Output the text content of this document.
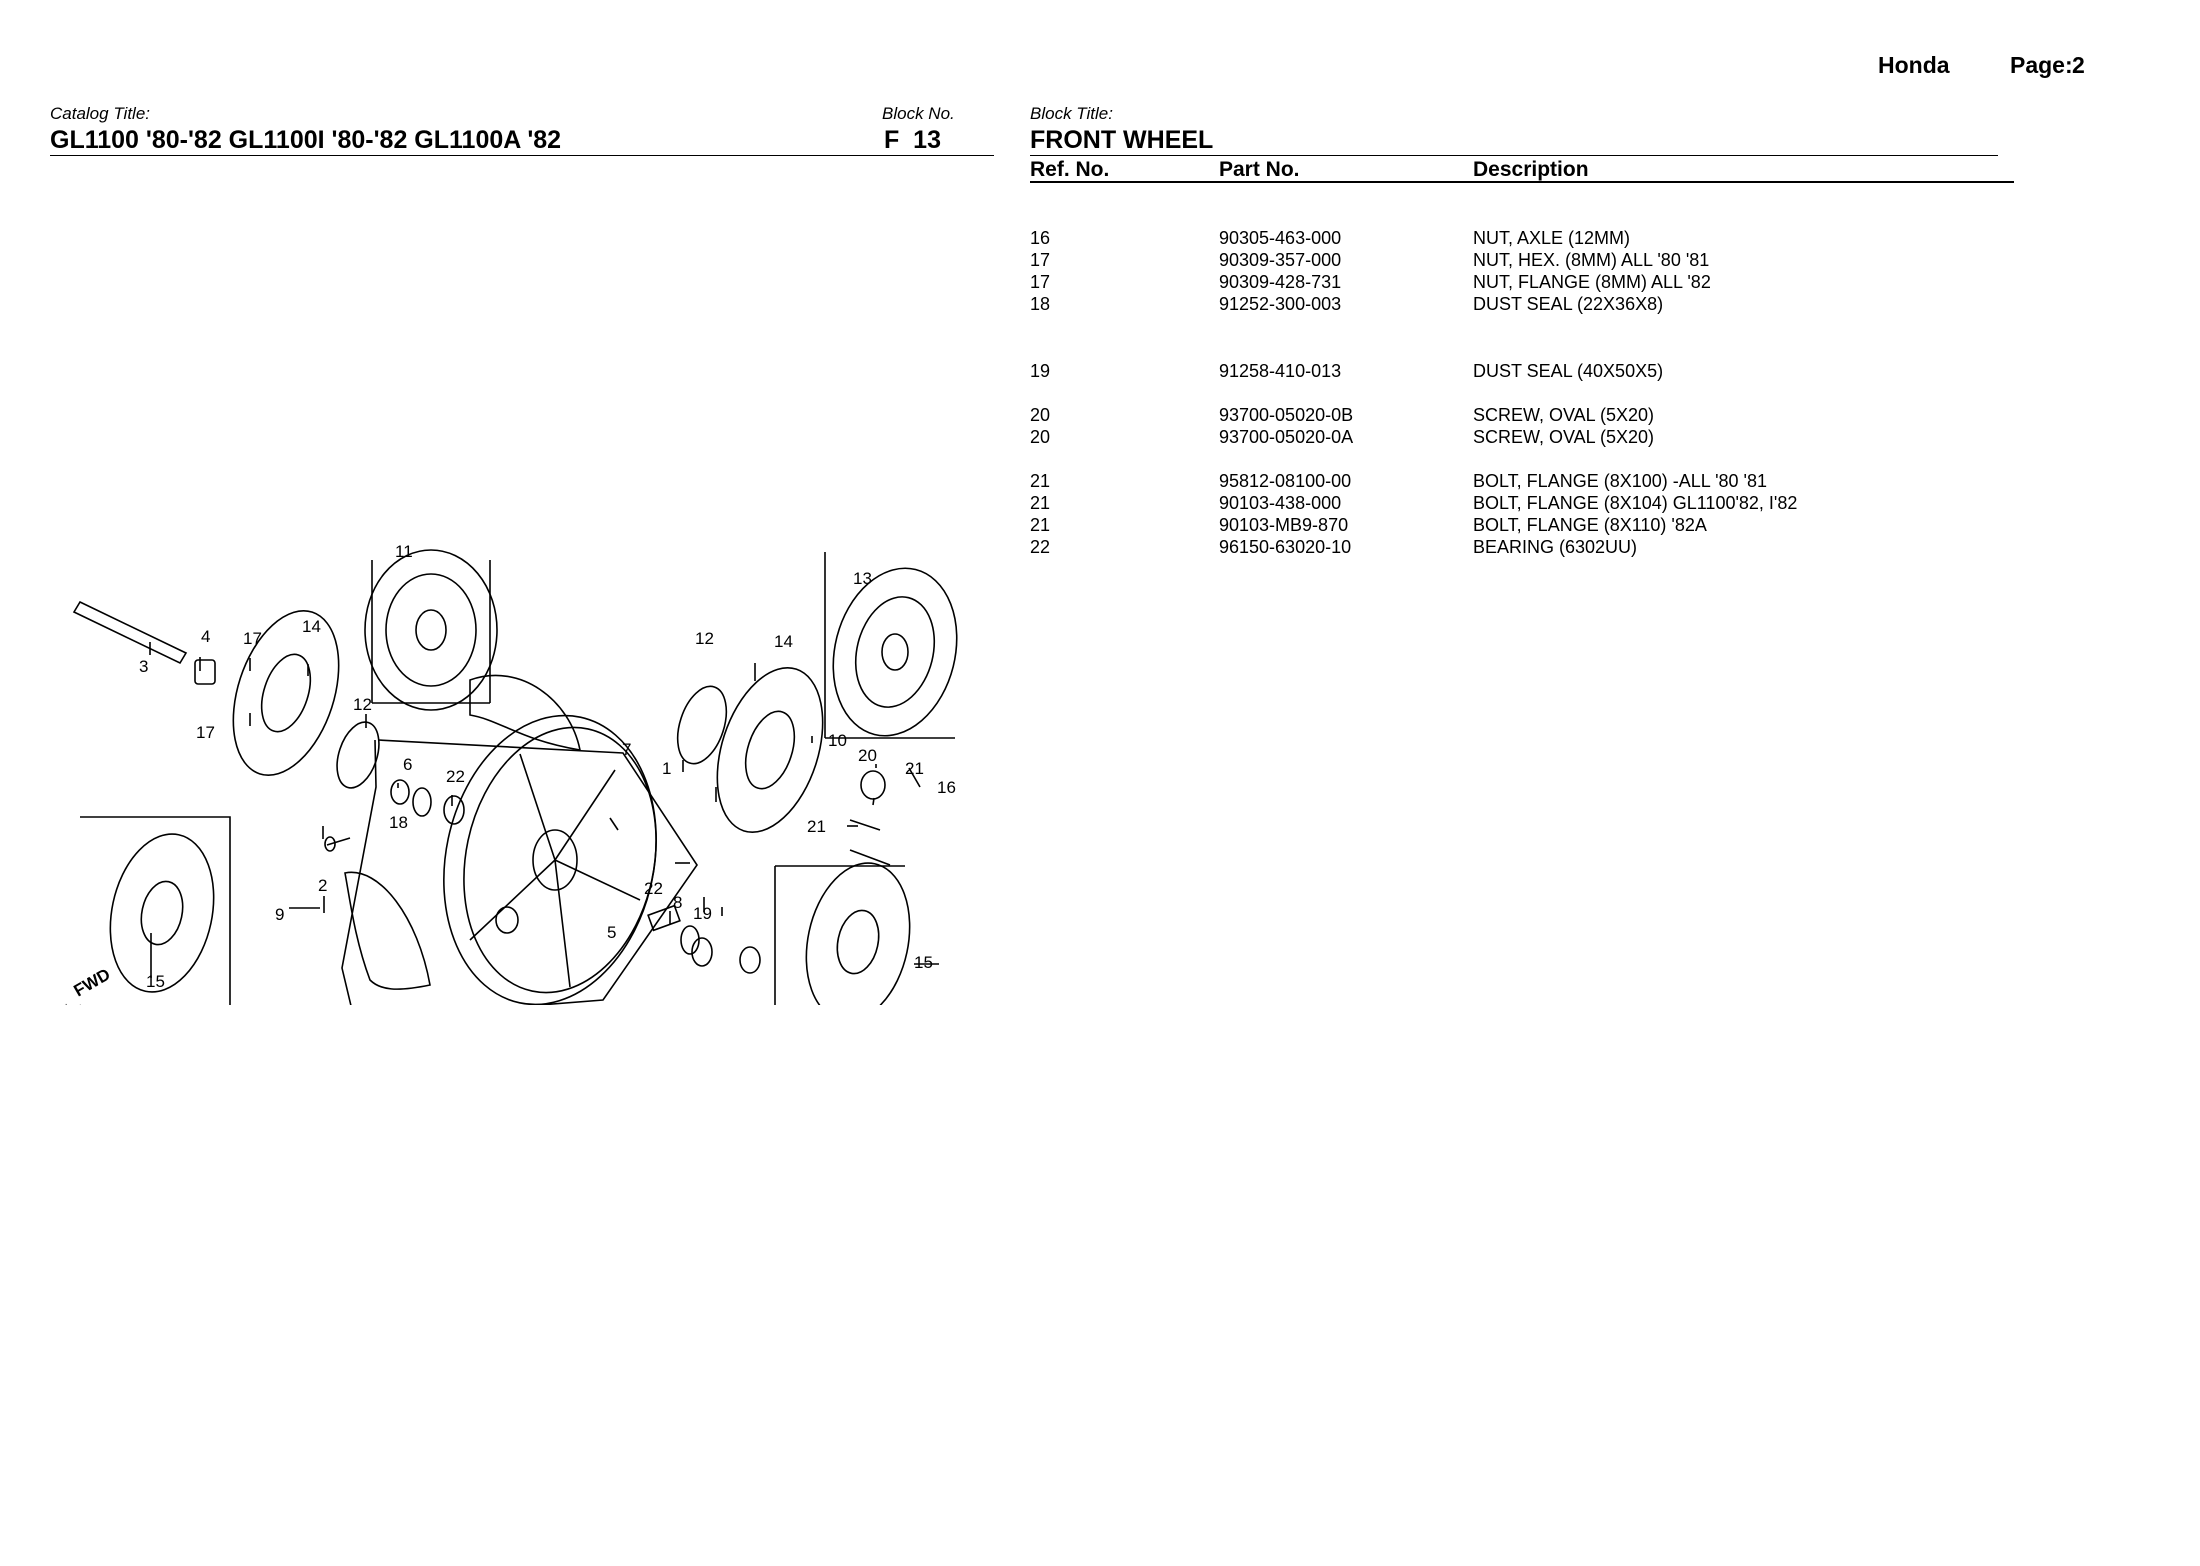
Honda	Page: 2
Catalog Title:	Block No.	Block Title:
GL1100 '80-'82 GL1100I '80-'82 GL1100A '82	F  13	FRONT WHEEL
Ref. No.	Part No.	Description
16	90305-463-000	NUT, AXLE (12MM)
17	90309-357-000	NUT, HEX. (8MM) ALL '80 '81
17	90309-428-731	NUT, FLANGE (8MM) ALL '82
18	91252-300-003	DUST SEAL (22X36X8)
19	91258-410-013	DUST SEAL (40X50X5)
20	93700-05020-0B	SCREW, OVAL (5X20)
20	93700-05020-0A	SCREW, OVAL (5X20)
21	95812-08100-00	BOLT, FLANGE (8X100) -ALL '80 '81
21	90103-438-000	BOLT, FLANGE (8X104) GL1100'82, I'82
21	90103-MB9-870	BOLT, FLANGE (8X110) '82A
22	96150-63020-10	BEARING (6302UU)
FWD
11
13
3
4 17
14
12	14
17
12
6
22
7
1
10
20
21
16
18	21
2	22
8
19
9
5
15
15
